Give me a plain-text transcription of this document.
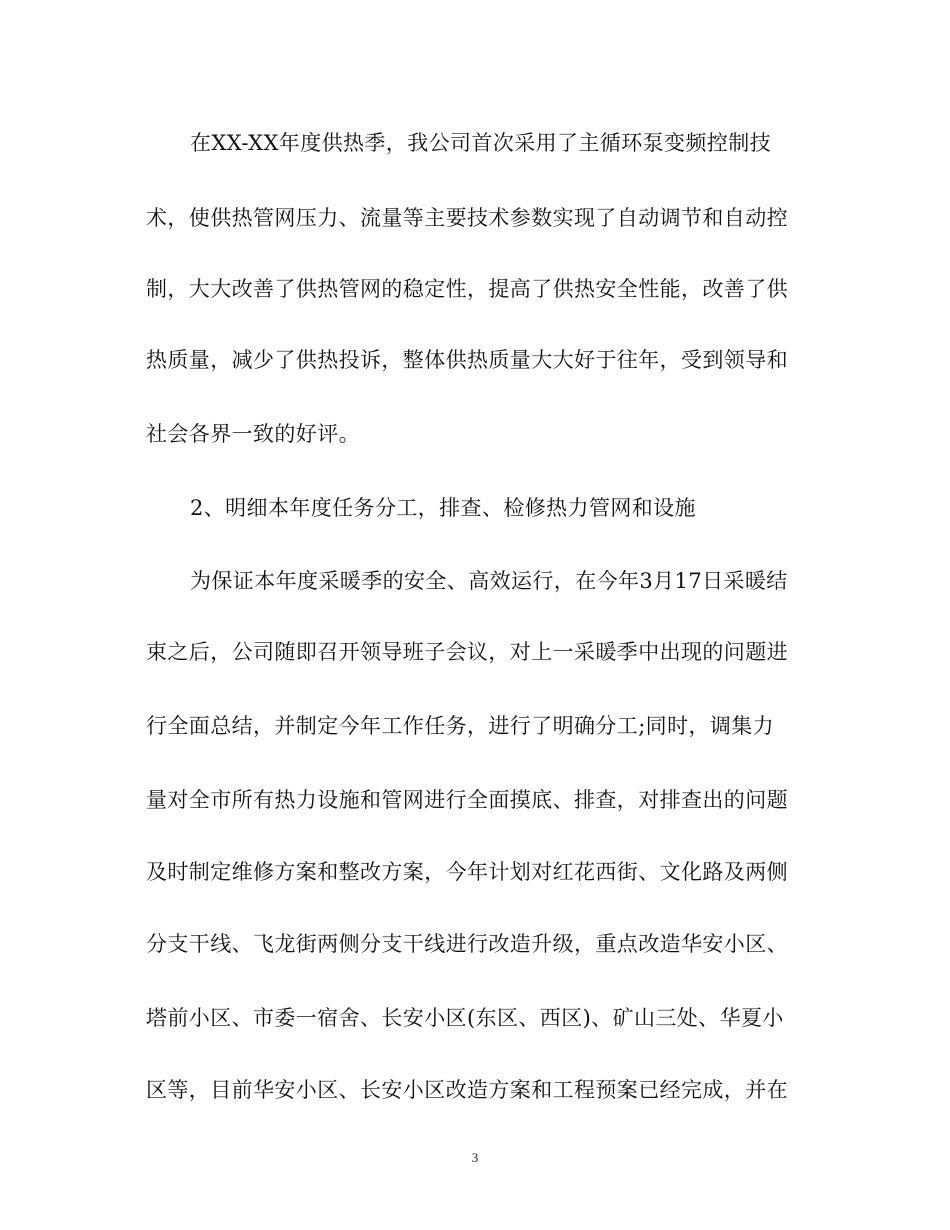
在XX-XX年度供热季，我公司首次采用了主循环泵变频控制技
术，使供热管网压力、流量等主要技术参数实现了自动调节和自动控
制，大大改善了供热管网的稳定性，提高了供热安全性能，改善了供
热质量，减少了供热投诉，整体供热质量大大好于往年，受到领导和
社会各界一致的好评。
2、明细本年度任务分工，排查、检修热力管网和设施
为保证本年度采暖季的安全、高效运行，在今年3月17日采暖结
束之后，公司随即召开领导班子会议，对上一采暖季中出现的问题进
行全面总结，并制定今年工作任务，进行了明确分工;同时，调集力
量对全市所有热力设施和管网进行全面摸底、排查，对排查出的问题
及时制定维修方案和整改方案，今年计划对红花西街、文化路及两侧
分支干线、飞龙街两侧分支干线进行改造升级，重点改造华安小区、
塔前小区、市委一宿舍、长安小区(东区、西区)、矿山三处、华夏小
区等，目前华安小区、长安小区改造方案和工程预案已经完成，并在
3
